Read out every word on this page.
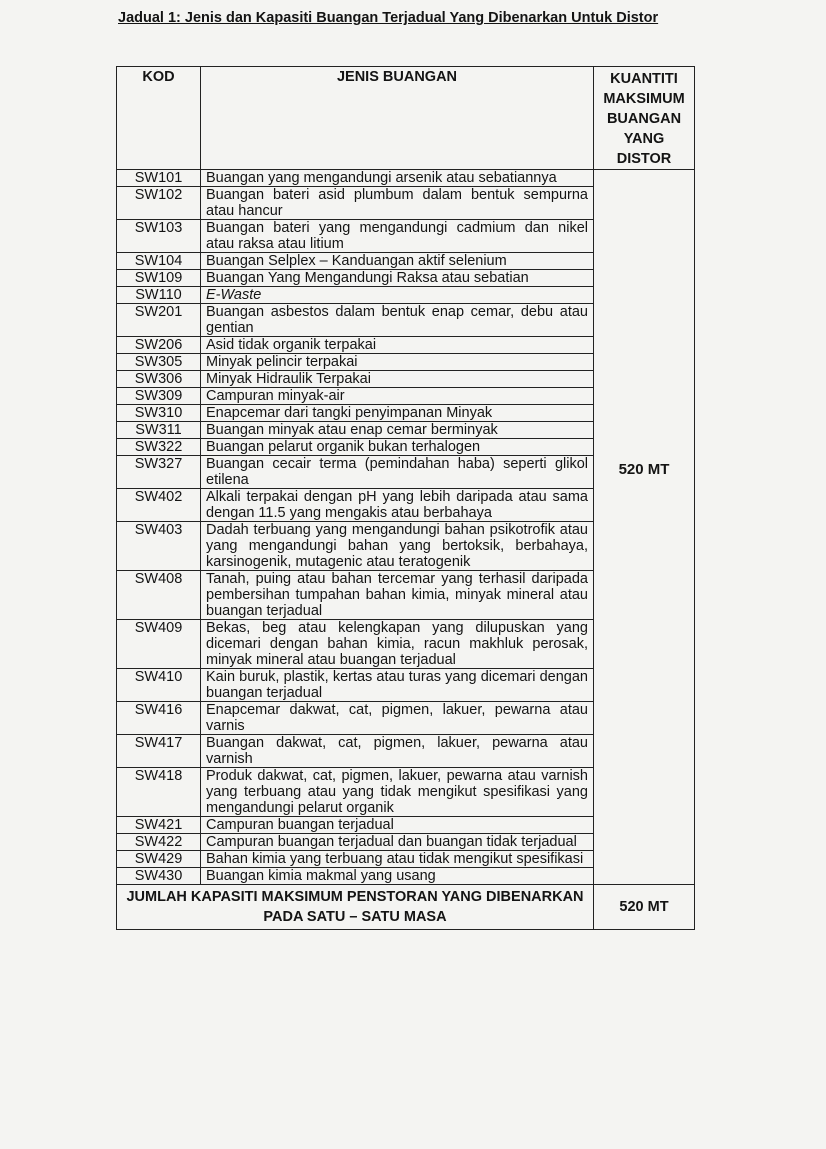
Jadual 1: Jenis dan Kapasiti Buangan Terjadual Yang Dibenarkan Untuk Distor
KOD	JENIS BUANGAN	KUANTITI MAKSIMUM BUANGAN YANG DISTOR
SW101	Buangan yang mengandungi arsenik atau sebatiannya	520 MT
SW102	Buangan bateri asid plumbum dalam bentuk sempurna atau hancur	
SW103	Buangan bateri yang mengandungi cadmium dan nikel atau raksa atau litium	
SW104	Buangan Selplex – Kanduangan aktif selenium	
SW109	Buangan Yang Mengandungi Raksa atau sebatian	
SW110	E-Waste	
SW201	Buangan asbestos dalam bentuk enap cemar, debu atau gentian	
SW206	Asid tidak organik terpakai	
SW305	Minyak pelincir terpakai	
SW306	Minyak Hidraulik Terpakai	
SW309	Campuran minyak-air	
SW310	Enapcemar dari tangki penyimpanan Minyak	
SW311	Buangan minyak atau enap cemar berminyak	
SW322	Buangan pelarut organik bukan terhalogen	
SW327	Buangan cecair terma (pemindahan haba) seperti glikol etilena	
SW402	Alkali terpakai dengan pH yang lebih daripada atau sama dengan 11.5 yang mengakis atau berbahaya	
SW403	Dadah terbuang yang mengandungi bahan psikotrofik atau yang mengandungi bahan yang bertoksik, berbahaya, karsinogenik, mutagenic atau teratogenik	
SW408	Tanah, puing atau bahan tercemar yang terhasil daripada pembersihan tumpahan bahan kimia, minyak mineral atau buangan terjadual	
SW409	Bekas, beg atau kelengkapan yang dilupuskan yang dicemari dengan bahan kimia, racun makhluk perosak, minyak mineral atau buangan terjadual	
SW410	Kain buruk, plastik, kertas atau turas yang dicemari dengan buangan terjadual	
SW416	Enapcemar dakwat, cat, pigmen, lakuer, pewarna atau varnis	
SW417	Buangan dakwat, cat, pigmen, lakuer, pewarna atau varnish	
SW418	Produk dakwat, cat, pigmen, lakuer, pewarna atau varnish yang terbuang atau yang tidak mengikut spesifikasi yang mengandungi pelarut organik	
SW421	Campuran buangan terjadual	
SW422	Campuran buangan terjadual dan buangan tidak terjadual	
SW429	Bahan kimia yang terbuang atau tidak mengikut spesifikasi	
SW430	Buangan kimia makmal yang usang	
JUMLAH KAPASITI MAKSIMUM PENSTORAN YANG DIBENARKAN PADA SATU – SATU MASA		520 MT
